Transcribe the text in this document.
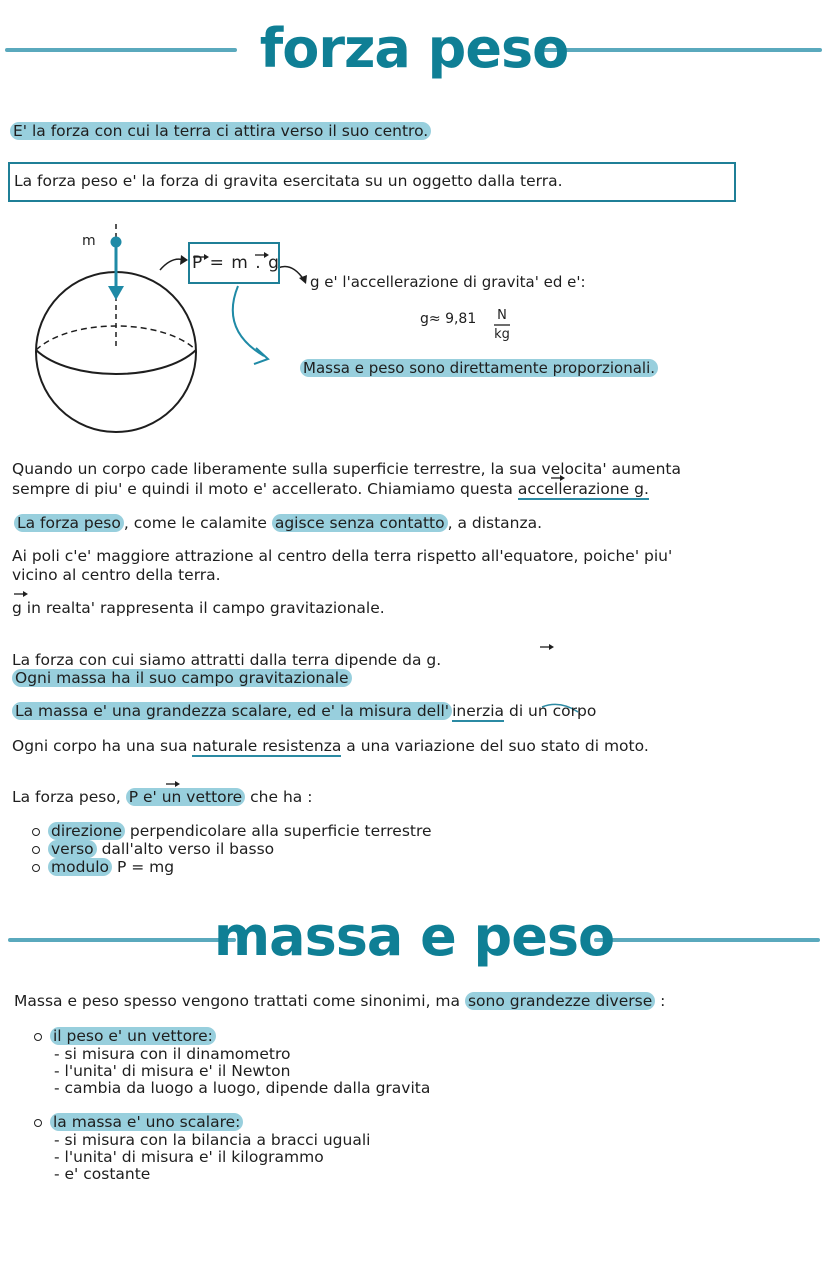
forza peso
E' la forza con cui la terra ci attira verso il suo centro.
La forza peso e' la forza di gravita esercitata su un oggetto dalla terra.
m
P = m . g
g e' l'accellerazione di gravita' ed e':
g≈ 9,81	N
kg
Massa e peso sono direttamente proporzionali.
Quando un corpo cade liberamente sulla superficie terrestre, la sua velocita' aumenta
sempre di piu' e quindi il moto e' accellerato. Chiamiamo questa accellerazione g.
La forza peso , come le calamite agisce senza contatto , a distanza.
Ai poli c'e' maggiore attrazione al centro della terra rispetto all'equatore, poiche' piu'
vicino al centro della terra.
g in realta' rappresenta il campo gravitazionale.
La forza con cui siamo attratti dalla terra dipende da g.
Ogni massa ha il suo campo gravitazionale
La massa e' una grandezza scalare, ed e' la misura dell' inerzia di un corpo
Ogni corpo ha una sua naturale resistenza a una variazione del suo stato di moto.
La forza peso, P e' un vettore che ha :
direzione perpendicolare alla superficie terrestre
verso dall'alto verso il basso
modulo P = mg
massa e peso
Massa e peso spesso vengono trattati come sinonimi, ma sono grandezze diverse :
il peso e' un vettore:
- si misura con il dinamometro
- l'unita' di misura e' il Newton
- cambia da luogo a luogo, dipende dalla gravita
la massa e' uno scalare:
- si misura con la bilancia a bracci uguali
- l'unita' di misura e' il kilogrammo
- e' costante
